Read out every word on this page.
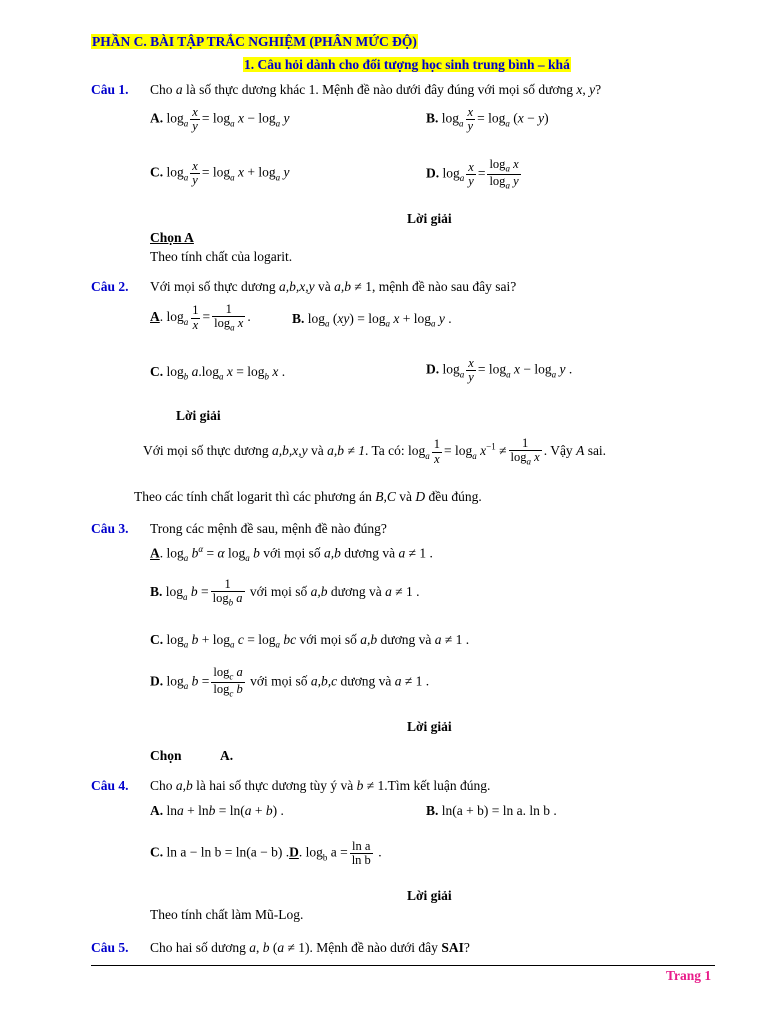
PHẦN C. BÀI TẬP TRẮC NGHIỆM (PHÂN MỨC ĐỘ)
1. Câu hỏi dành cho đối tượng học sinh trung bình – khá
Câu 1. Cho a là số thực dương khác 1. Mệnh đề nào dưới đây đúng với mọi số dương x, y?
A. $\log_a \frac{x}{y} = \log_a x - \log_a y$	B. $\log_a \frac{x}{y} = \log_a (x - y)$
C. $\log_a \frac{x}{y} = \log_a x + \log_a y$	D. $\log_a \frac{x}{y} = \frac{\log_a x}{\log_a y}$
Lời giải
Chọn A
Theo tính chất của logarit.
Câu 2. Với mọi số thực dương a,b,x,y và a,b ≠ 1, mệnh đề nào sau đây sai?
A. $\log_a \frac{1}{x} = \frac{1}{\log_a x}$ .	B. $\log_a (xy) = \log_a x + \log_a y$ .
C. $\log_b a.\log_a$ $x = \log_b x$ .	D. $\log_a \frac{x}{y} = \log_a x - \log_a y$ .
Lời giải
Với mọi số thực dương a,b,x,y và a,b ≠ 1. Ta có: $\log_a \frac{1}{x} = \log_a x^{-1} \ne \frac{1}{\log_a x}$ . Vậy A sai.
Theo các tính chất logarit thì các phương án B,C và D đều đúng.
Câu 3. Trong các mệnh đề sau, mệnh đề nào đúng?
A. $\log_a b^\alpha = \alpha$ $\log_a b$ với mọi số a,b dương và a ≠ 1 .
B. $\log_a b = \frac{1}{\log_b a}$ với mọi số a,b dương và a ≠ 1 .
C. $\log_a b + \log_a c = \log_a$ bc với mọi số a,b dương và a ≠ 1 .
D. $\log_a b = \frac{\log_c a}{\log_c b}$ với mọi số a,b,c dương và a ≠ 1 .
Lời giải
Chọn	A.
Câu 4. Cho a,b là hai số thực dương tùy ý và b ≠ 1.Tìm kết luận đúng.
A. lna + lnb = ln(a + b) .	B. ln(a + b) = ln a. ln b .
C. ln a − ln b = ln(a − b) .D. $\log_b a = \frac{\text{ln a}}{\text{ln b}}$ .
Lời giải
Theo tính chất làm Mũ-Log.
Câu 5. Cho hai số dương a, b (a ≠ 1). Mệnh đề nào dưới đây SAI?
Trang 1
